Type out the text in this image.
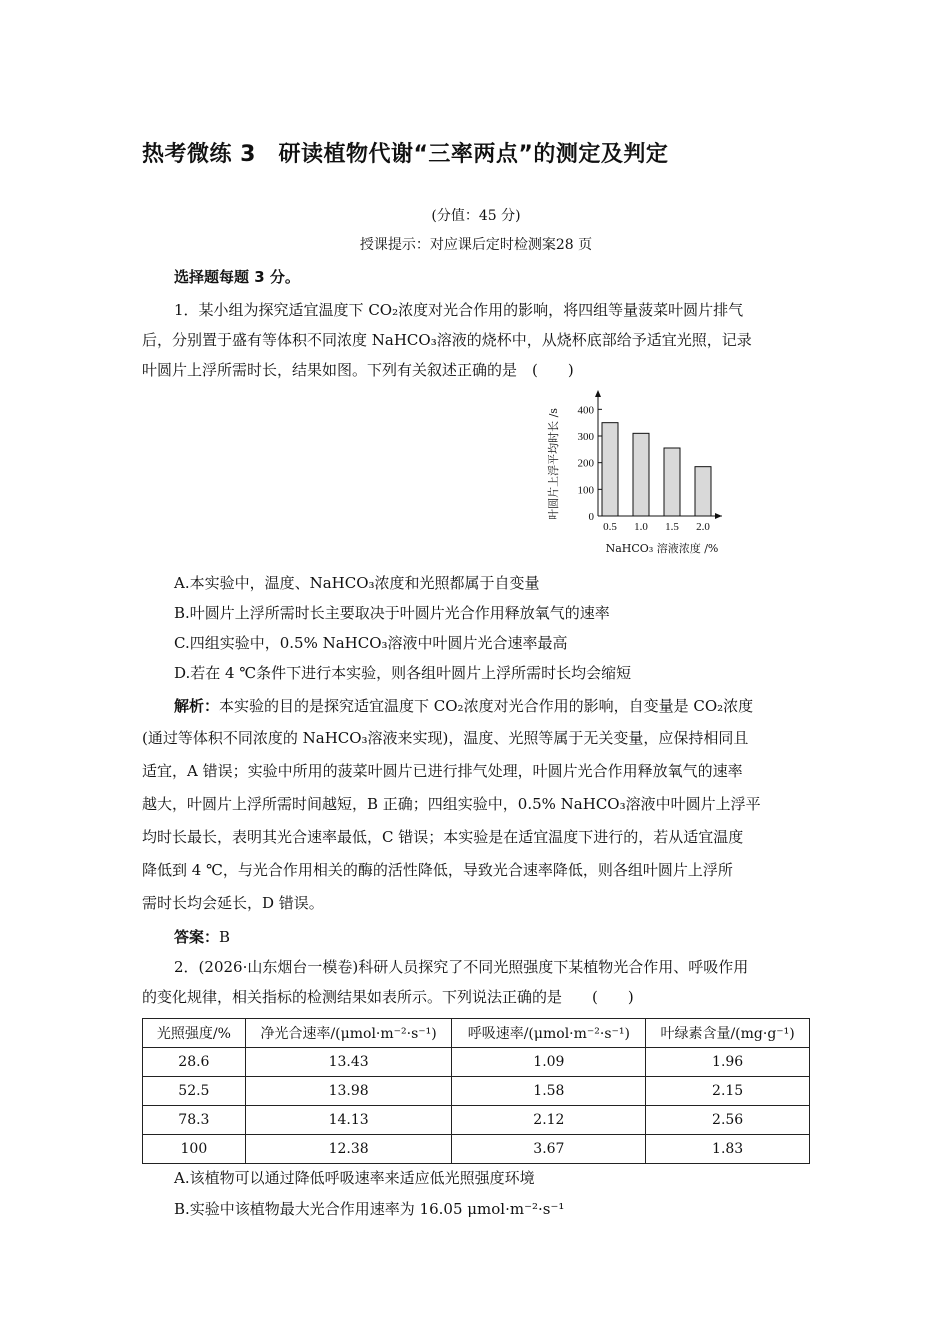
热考微练 3　研读植物代谢“三率两点”的测定及判定
(分值：45 分)
授课提示：对应课后定时检测案28 页
选择题每题 3 分。
1．某小组为探究适宜温度下 CO₂浓度对光合作用的影响，将四组等量菠菜叶圆片排气
后，分别置于盛有等体积不同浓度 NaHCO₃溶液的烧杯中，从烧杯底部给予适宜光照，记录
叶圆片上浮所需时长，结果如图。下列有关叙述正确的是　(　　)
0
100
200
300
400
0.5 1.0 1.5 2.0
NaHCO₃ 溶液浓度 /%
叶圆片上浮平均时长 /s
A.本实验中，温度、NaHCO₃浓度和光照都属于自变量
B.叶圆片上浮所需时长主要取决于叶圆片光合作用释放氧气的速率
C.四组实验中，0.5% NaHCO₃溶液中叶圆片光合速率最高
D.若在 4 ℃条件下进行本实验，则各组叶圆片上浮所需时长均会缩短
解析：本实验的目的是探究适宜温度下 CO₂浓度对光合作用的影响，自变量是 CO₂浓度
(通过等体积不同浓度的 NaHCO₃溶液来实现)，温度、光照等属于无关变量，应保持相同且
适宜，A 错误；实验中所用的菠菜叶圆片已进行排气处理，叶圆片光合作用释放氧气的速率
越大，叶圆片上浮所需时间越短，B 正确；四组实验中，0.5% NaHCO₃溶液中叶圆片上浮平
均时长最长，表明其光合速率最低，C 错误；本实验是在适宜温度下进行的，若从适宜温度
降低到 4 ℃，与光合作用相关的酶的活性降低，导致光合速率降低，则各组叶圆片上浮所
需时长均会延长，D 错误。
答案：B
2．(2026·山东烟台一模卷)科研人员探究了不同光照强度下某植物光合作用、呼吸作用
的变化规律，相关指标的检测结果如表所示。下列说法正确的是　　(　　)
光照强度/%	净光合速率/(μmol·m⁻²·s⁻¹)	呼吸速率/(μmol·m⁻²·s⁻¹)	叶绿素含量/(mg·g⁻¹)
28.6	13.43	1.09	1.96
52.5	13.98	1.58	2.15
78.3	14.13	2.12	2.56
100	12.38	3.67	1.83
A.该植物可以通过降低呼吸速率来适应低光照强度环境
B.实验中该植物最大光合作用速率为 16.05 μmol·m⁻²·s⁻¹
